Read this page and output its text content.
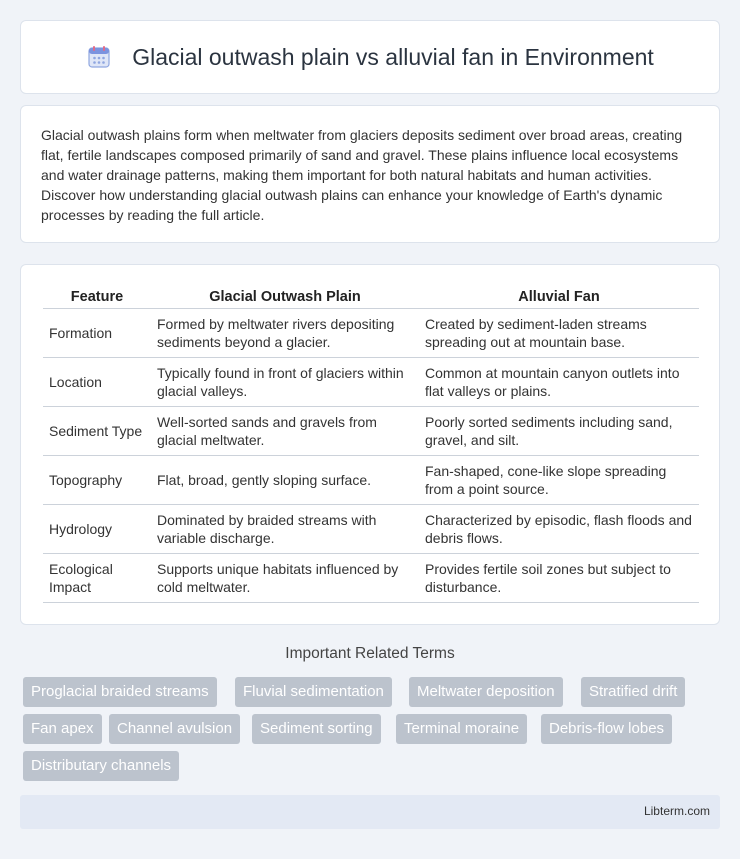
Glacial outwash plain vs alluvial fan in Environment

Glacial outwash plains form when meltwater from glaciers deposits sediment over broad areas, creating flat, fertile landscapes composed primarily of sand and gravel. These plains influence local ecosystems and water drainage patterns, making them important for both natural habitats and human activities. Discover how understanding glacial outwash plains can enhance your knowledge of Earth's dynamic processes by reading the full article.

Feature	Glacial Outwash Plain	Alluvial Fan
Formation	Formed by meltwater rivers depositing sediments beyond a glacier.	Created by sediment-laden streams spreading out at mountain base.
Location	Typically found in front of glaciers within glacial valleys.	Common at mountain canyon outlets into flat valleys or plains.
Sediment Type	Well-sorted sands and gravels from glacial meltwater.	Poorly sorted sediments including sand, gravel, and silt.
Topography	Flat, broad, gently sloping surface.	Fan-shaped, cone-like slope spreading from a point source.
Hydrology	Dominated by braided streams with variable discharge.	Characterized by episodic, flash floods and debris flows.
Ecological Impact	Supports unique habitats influenced by cold meltwater.	Provides fertile soil zones but subject to disturbance.
Important Related Terms
Proglacial braided streams	Fluvial sedimentation	Meltwater deposition	Stratified drift
Fan apex	Channel avulsion	Sediment sorting	Terminal moraine	Debris-flow lobes
Distributary channels
Libterm.com
